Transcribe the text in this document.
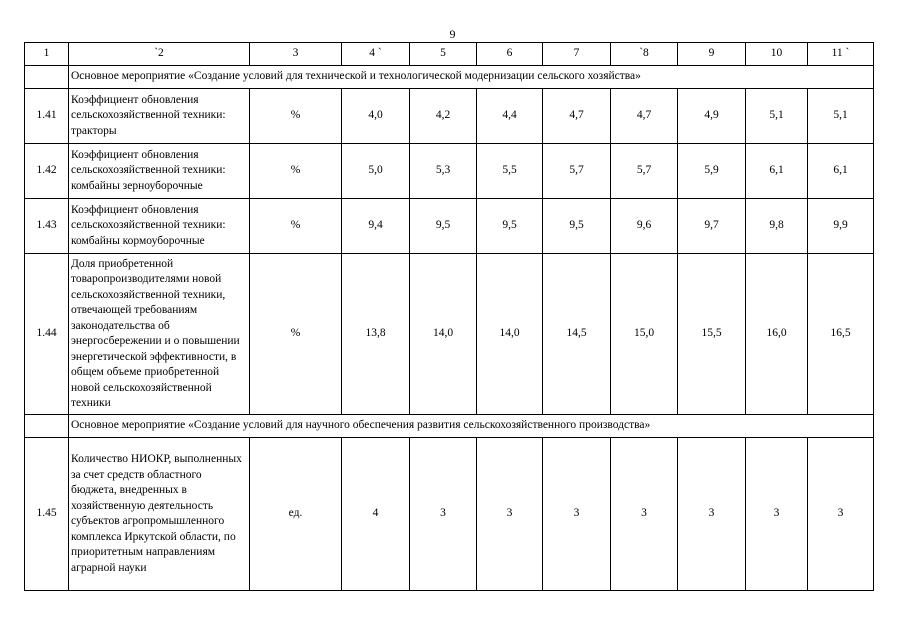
9
1	`2	3	4 `	5	6	7	`8	9	10	11 `
	Основное мероприятие «Создание условий для технической и технологической модернизации сельского хозяйства»									
1.41	Коэффициент обновления сельскохозяйственной техники: тракторы	%	4,0	4,2	4,4	4,7	4,7	4,9	5,1	5,1
1.42	Коэффициент обновления сельскохозяйственной техники: комбайны зерноуборочные	%	5,0	5,3	5,5	5,7	5,7	5,9	6,1	6,1
1.43	Коэффициент обновления сельскохозяйственной техники: комбайны кормоуборочные	%	9,4	9,5	9,5	9,5	9,6	9,7	9,8	9,9
1.44	Доля приобретенной товаропроизводителями новой сельскохозяйственной техники, отвечающей требованиям законодательства об энергосбережении и о повышении энергетической эффективности, в общем объеме приобретенной новой сельскохозяйственной техники	%	13,8	14,0	14,0	14,5	15,0	15,5	16,0	16,5
	Основное мероприятие «Создание условий для научного обеспечения развития сельскохозяйственного производства»									
1.45	Количество НИОКР, выполненных за счет средств областного бюджета, внедренных в хозяйственную деятельность субъектов агропромышленного комплекса Иркутской области, по приоритетным направлениям аграрной науки	ед.	4	3	3	3	3	3	3	3
